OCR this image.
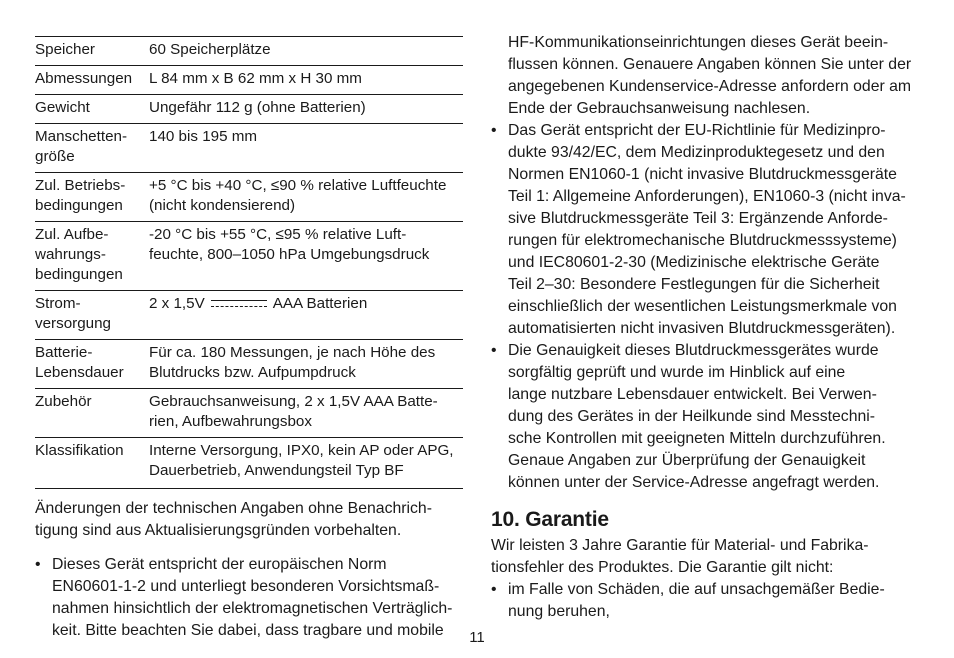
Speicher	60 Speicherplätze
Abmessungen	L 84 mm x B 62 mm x H 30 mm
Gewicht	Ungefähr 112 g (ohne Batterien)
Manschetten-
größe	140 bis 195 mm
Zul. Betriebs-
bedingungen	+5 °C bis +40 °C, ≤90 % relative Luftfeuchte
(nicht kondensierend)
Zul. Aufbe-
wahrungs-
bedingungen	-20 °C bis +55 °C, ≤95 % relative Luft-
feuchte, 800–1050 hPa Umgebungsdruck
Strom-
versorgung	2 x 1,5V AAA Batterien
Batterie-
Lebensdauer	Für ca. 180 Messungen, je nach Höhe des
Blutdrucks bzw. Aufpumpdruck
Zubehör	Gebrauchsanweisung, 2 x 1,5V AAA Batte-
rien, Aufbewahrungsbox
Klassifikation	Interne Versorgung, IPX0, kein AP oder APG,
Dauerbetrieb, Anwendungsteil Typ BF

Änderungen der technischen Angaben ohne Benachrich-
tigung sind aus Aktualisierungsgründen vorbehalten.

• Dieses Gerät entspricht der europäischen Norm
EN60601-1-2 und unterliegt besonderen Vorsichtsmaß-
nahmen hinsichtlich der elektromagnetischen Verträglich-
keit. Bitte beachten Sie dabei, dass tragbare und mobile

HF-Kommunikationseinrichtungen dieses Gerät beein-
flussen können. Genauere Angaben können Sie unter der
angegebenen Kundenservice-Adresse anfordern oder am
Ende der Gebrauchsanweisung nachlesen.

• Das Gerät entspricht der EU-Richtlinie für Medizinpro-
dukte 93/42/EC, dem Medizinproduktegesetz und den
Normen EN1060-1 (nicht invasive Blutdruckmessgeräte
Teil 1: Allgemeine Anforderungen), EN1060-3 (nicht inva-
sive Blutdruckmessgeräte Teil 3: Ergänzende Anforde-
rungen für elektromechanische Blutdruckmesssysteme)
und IEC80601-2-30 (Medizinische elektrische Geräte
Teil 2–30: Besondere Festlegungen für die Sicherheit
einschließlich der wesentlichen Leistungsmerkmale von
automatisierten nicht invasiven Blutdruckmessgeräten).
• Die Genauigkeit dieses Blutdruckmessgerätes wurde
sorgfältig geprüft und wurde im Hinblick auf eine
lange nutzbare Lebensdauer entwickelt. Bei Verwen-
dung des Gerätes in der Heilkunde sind Messtechni-
sche Kontrollen mit geeigneten Mitteln durchzuführen.
Genaue Angaben zur Überprüfung der Genauigkeit
können unter der Service-Adresse angefragt werden.
10. Garantie

Wir leisten 3 Jahre Garantie für Material- und Fabrika-
tionsfehler des Produktes. Die Garantie gilt nicht:

• im Falle von Schäden, die auf unsachgemäßer Bedie-
nung beruhen,
11
